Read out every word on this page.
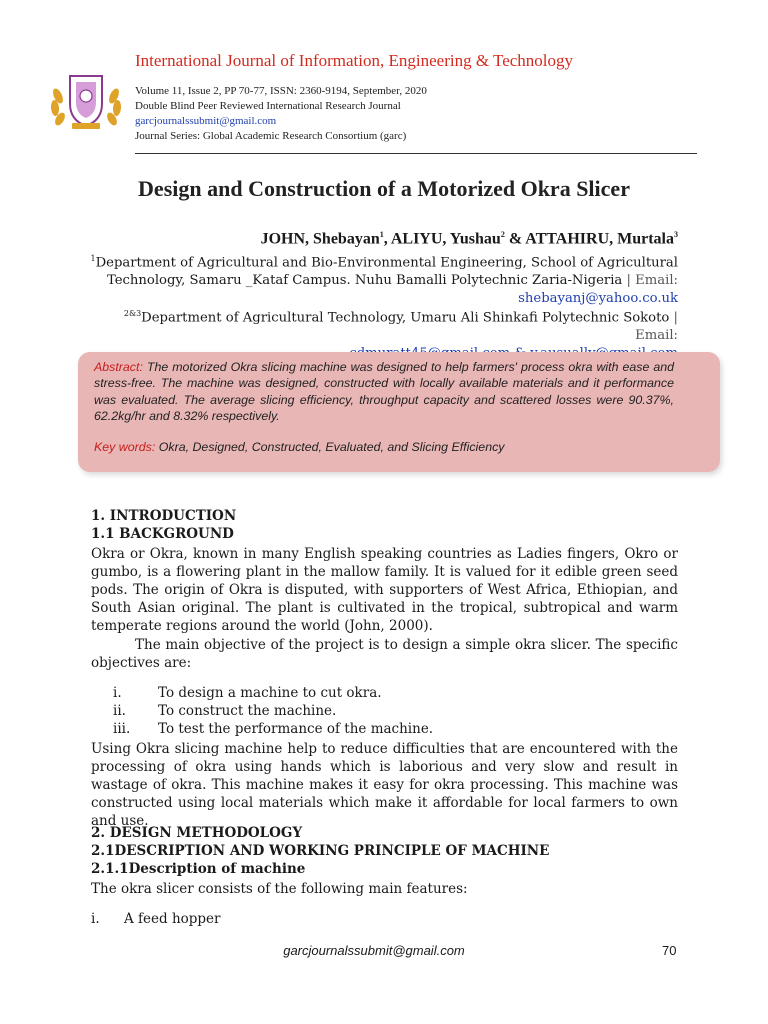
International Journal of Information, Engineering & Technology
Volume 11, Issue 2, PP 70-77, ISSN: 2360-9194, September, 2020
Double Blind Peer Reviewed International Research Journal
garcjournalssubmit@gmail.com
Journal Series: Global Academic Research Consortium (garc)
Design and Construction of a Motorized Okra Slicer
JOHN, Shebayan$^1$, ALIYU, Yushau$^2$ & ATTAHIRU, Murtala$^3$
$^1$Department of Agricultural and Bio-Environmental Engineering, School of Agricultural Technology, Samaru _Kataf Campus. Nuhu Bamalli Polytechnic Zaria-Nigeria | Email:
shebayanj@yahoo.co.uk
$^{2\&3}$Department of Agricultural Technology, Umaru Ali Shinkafi Polytechnic Sokoto | Email:

Abstract: The motorized Okra slicing machine was designed to help farmers' process okra with ease and stress-free. The machine was designed, constructed with locally available materials and it performance was evaluated. The average slicing efficiency, throughput capacity and scattered losses were 90.37%, 62.2kg/hr and 8.32% respectively.
Key words: Okra, Designed, Constructed, Evaluated, and Slicing Efficiency
1. INTRODUCTION
1.1 BACKGROUND
Okra or Okra, known in many English speaking countries as Ladies fingers, Okro or gumbo, is a flowering plant in the mallow family. It is valued for it edible green seed pods. The origin of Okra is disputed, with supporters of West Africa, Ethiopian, and South Asian original. The plant is cultivated in the tropical, subtropical and warm temperate regions around the world (John, 2000).
The main objective of the project is to design a simple okra slicer. The specific objectives are:
i.	To design a machine to cut okra.
ii. To construct the machine.
iii. To test the performance of the machine.
Using Okra slicing machine help to reduce difficulties that are encountered with the processing of okra using hands which is laborious and very slow and result in wastage of okra. This machine makes it easy for okra processing. This machine was constructed using local materials which make it affordable for local farmers to own and use.
2. DESIGN METHODOLOGY
2.1DESCRIPTION AND WORKING PRINCIPLE OF MACHINE
2.1.1Description of machine
The okra slicer consists of the following main features:
i. A feed hopper
garcjournalssubmit@gmail.com	70
